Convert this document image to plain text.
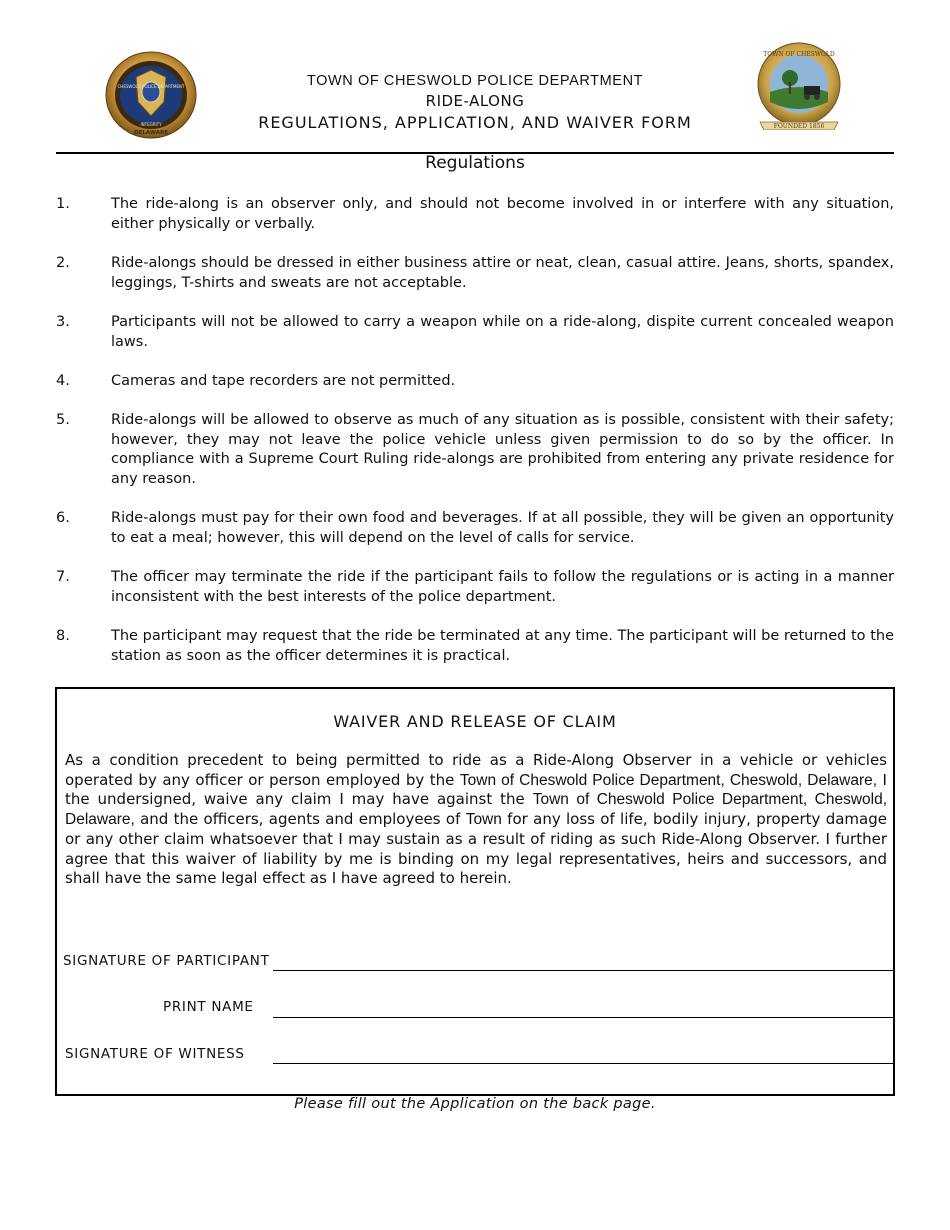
CHESWOLD POLICE DEPARTMENT
DELAWARE
INTEGRITY
TOWN OF CHESWOLD
FOUNDED 1856
TOWN OF CHESWOLD POLICE DEPARTMENT
RIDE-ALONG
REGULATIONS, APPLICATION, AND WAIVER FORM
Regulations
1.	The ride-along is an observer only, and should not become involved in or interfere with any situation, either physically or verbally.
2.	Ride-alongs should be dressed in either business attire or neat, clean, casual attire. Jeans, shorts, spandex, leggings, T-shirts and sweats are not acceptable.
3.	Participants will not be allowed to carry a weapon while on a ride-along, dispite current concealed weapon laws.
4.	Cameras and tape recorders are not permitted.
5.	Ride-alongs will be allowed to observe as much of any situation as is possible, consistent with their safety; however, they may not leave the police vehicle unless given permission to do so by the officer. In compliance with a Supreme Court Ruling ride-alongs are prohibited from entering any private residence for any reason.
6.	Ride-alongs must pay for their own food and beverages. If at all possible, they will be given an opportunity to eat a meal; however, this will depend on the level of calls for service.
7.	The officer may terminate the ride if the participant fails to follow the regulations or is acting in a manner inconsistent with the best interests of the police department.
8.	The participant may request that the ride be terminated at any time. The participant will be returned to the station as soon as the officer determines it is practical.
WAIVER AND RELEASE OF CLAIM
As a condition precedent to being permitted to ride as a Ride-Along Observer in a vehicle or vehicles operated by any officer or person employed by the Town of Cheswold Police Department, Cheswold, Delaware, I the undersigned, waive any claim I may have against the Town of Cheswold Police Department, Cheswold, Delaware, and the officers, agents and employees of Town for any loss of life, bodily injury, property damage or any other claim whatsoever that I may sustain as a result of riding as such Ride-Along Observer. I further agree that this waiver of liability by me is binding on my legal representatives, heirs and successors, and shall have the same legal effect as I have agreed to herein.
SIGNATURE OF PARTICIPANT
PRINT NAME
SIGNATURE OF WITNESS
Please fill out the Application on the back page.
